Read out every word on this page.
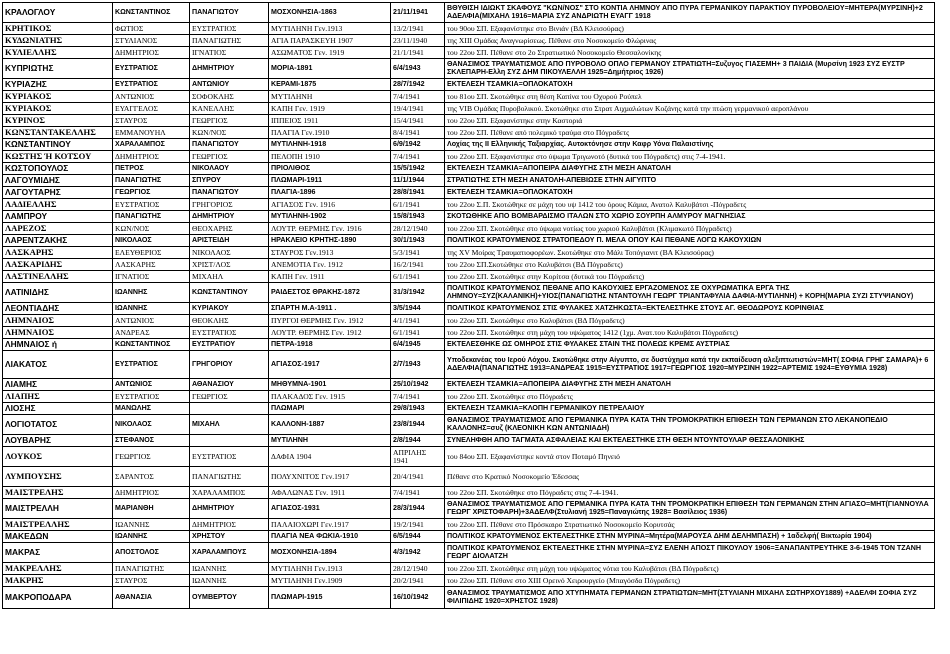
ΚΡΑΛΟΓΛΟΥ	ΚΩΝΣΤΑΝΤΙΝΟΣ	ΠΑΝΑΓΙΩΤΟΥ	ΜΟΣΧΟΝΗΣΙΑ-1863	21/11/1941	ΒΘΥΘΙΣΗ ΙΔΙΩΚΤ ΣΚΑΦΟΥΣ "ΚΩΝ/ΝΟΣ" ΣΤΟ ΚΟΝΤΙΑ ΛΗΜΝΟΥ ΑΠΟ ΠΥΡΑ ΓΕΡΜΑΝΙΚΟΥ ΠΑΡΑΚΤΙΟΥ ΠΥΡΟΒΟΛΕΙΟΥ=ΜΗΤΕΡΑ(ΜΥΡΣΙΝΗ)+2 ΑΔΕΛΦΙΑ(ΜΙΧΑΗΛ 1916=ΜΑΡΙΑ ΣΥΖ ΑΝΔΡΙΩΤΗ ΕΥΑΓΓ 1918
ΚΡΗΤΙΚΟΣ	ΦΩΤΙΟΣ	ΕΥΣΤΡΑΤΙΟΣ	ΜΥΤΙΛΗΝΗ Γεν.1913	13/2/1941	του 90ου ΣΠ. Εξαφανίστηκε στο Βινιάν (ΒΔ Κλεισούρας)
ΚΥΔΩΝΙΑΤΗΣ	ΣΤΥΛΙΑΝΟΣ	ΠΑΝΑΓΙΩΤΗΣ	ΑΓΙΑ ΠΑΡΑΣΚΕΥΗ 1907	23/11/1940	της ΧΙΙΙ Ομάδας Αναγνωρίσεως. Πέθανε στο Νοσοκομείο Φλώρινας
ΚΥΛΙΕΛΛΗΣ	ΔΗΜΗΤΡΙΟΣ	ΙΓΝΑΤΙΟΣ	ΑΣΩΜΑΤΟΣ Γεν. 1919	21/1/1941	του 22ου ΣΠ. Πέθανε στο 2ο Στρατιωτικό Νοσοκομείο Θεσσαλονίκης
ΚΥΠΡΙΩΤΗΣ	ΕΥΣΤΡΑΤΙΟΣ	ΔΗΜΗΤΡΙΟΥ	ΜΟΡΙΑ-1891	6/4/1943	ΘΑΝΑΣΙΜΟΣ ΤΡΑΥΜΑΤΙΣΜΟΣ ΑΠΟ ΠΥΡΟΒΟΛΟ ΟΠΛΟ ΓΕΡΜΑΝΟΥ ΣΤΡΑΤΙΩΤΗ=Συζυγος ΓΙΑΣΕΜΗ+ 3 ΠΑΙΔΙΑ (Μυρσίνη 1923 ΣΥΖ ΕΥΣΤΡ ΣΚΛΕΠΑΡΗ-Ελλη ΣΥΖ ΔΗΜ ΠΙΚΟΥΛΕΛΛΗ 1925=Δημήτριος 1926)
ΚΥΡΙΑΖΗΣ	ΕΥΣΤΡΑΤΙΟΣ	ΑΝΤΩΝΙΟΥ	ΚΕΡΑΜΙ-1875	28/7/1942	ΕΚΤΕΛΕΣΗ ΤΣΑΜΚΙΑ=ΟΠΛΟΚΑΤΟΧΗ
ΚΥΡΙΑΚΟΣ	ΑΝΤΩΝΙΟΣ	ΣΟΦΟΚΛΗΣ	ΜΥΤΙΛΗΝΗ	7/4/1941	του 81ου ΣΠ. Σκοτώθηκε στη θέση Καπίνα του Οχυρού Ρούπελ
ΚΥΡΙΑΚΟΣ	ΕΥΑΓΓΕΛΟΣ	ΚΑΝΕΛΛΗΣ	ΚΑΠΗ Γεν. 1919	19/4/1941	της VΙΒ Ομάδας Πυροβολικού. Σκοτώθηκε στο Στρατ Αιχμαλώτων Κοζάνης κατά την πτώση γερμανικού αεροπλάνου
ΚΥΡΙΝΟΣ	ΣΤΑΥΡΟΣ	ΓΕΩΡΓΙΟΣ	ΙΠΠΕΙΟΣ 1911	15/4/1941	του 22ου ΣΠ. Εξαφανίστηκε στην Καστοριά
ΚΩΝΣΤΑΝΤΑΚΕΛΛΗΣ	ΕΜΜΑΝΟΥΗΛ	ΚΩΝ/ΝΟΣ	ΠΛΑΓΙΑ Γεν.1910	8/4/1941	του 22ου ΣΠ. Πέθανε από πολεμικό τραύμα στο Πόγραδετς
ΚΩΝΣΤΑΝΤΙΝΟΥ	ΧΑΡΑΛΑΜΠΟΣ	ΠΑΝΑΓΙΩΤΟΥ	ΜΥΤΙΛΗΝΗ-1918	6/9/1942	Λοχίας της ΙΙ Ελληνικής Ταξιαρχίας. Αυτοκτόνησε στην Καφρ Υόνα Παλαιστίνης
ΚΩΣΤΗΣ Ή ΚΟΤΣΟΥ	ΔΗΜΗΤΡΙΟΣ	ΓΕΩΡΓΙΟΣ	ΠΕΛΟΠΗ 1910	7/4/1941	του 22ου ΣΠ. Εξαφανίστηκε στο ύψωμα Τριγωνοτό (δυτικά του Πόγραδετς) στις 7-4-1941.
ΚΩΣΤΟΠΟΥΛΟΣ	ΠΕΤΡΟΣ	ΝΙΚΟΛΑΟΥ	ΠΡΙΟΛΙΘΟΣ	15/5/1942	ΕΚΤΕΛΕΣΗ ΤΣΑΜΚΙΑ=ΑΠΟΠΕΙΡΑ ΔΙΑΦΥΓΗΣ ΣΤΗ ΜΕΣΗ ΑΝΑΤΟΛΗ
ΛΑΓΟΥΜΙΔΗΣ	ΠΑΝΑΓΙΩΤΗΣ	ΣΠΥΡΟΥ	ΠΛΩΜΑΡΙ-1911	11/1/1944	ΣΤΡΑΤΙΩΤΗΣ ΣΤΗ ΜΕΣΗ ΑΝΑΤΟΛΗ-ΑΠΕΒΙΩΣΕ ΣΤΗΝ ΑΙΓΥΠΤΟ
ΛΑΓΟΥΤΑΡΗΣ	ΓΕΩΡΓΙΟΣ	ΠΑΝΑΓΙΩΤΟΥ	ΠΛΑΓΙΑ-1896	28/8/1941	ΕΚΤΕΛΕΣΗ ΤΣΑΜΚΙΑ=ΟΠΛΟΚΑΤΟΧΗ
ΛΑΔΙΕΛΛΗΣ	ΕΥΣΤΡΑΤΙΟΣ	ΓΡΗΓΟΡΙΟΣ	ΑΓΙΑΣΟΣ Γεν. 1916	6/1/1941	του 22ου Σ.Π. Σκοτώθηκε σε μάχη του υψ 1412 του όρους Κάμια, Ανατολ Καλυβάτσι -Πόγραδετς
ΛΑΜΠΡΟΥ	ΠΑΝΑΓΙΩΤΗΣ	ΔΗΜΗΤΡΙΟΥ	ΜΥΤΙΛΗΝΗ-1902	15/8/1943	ΣΚΟΤΩΘΗΚΕ ΑΠΟ ΒΟΜΒΑΡΔΙΣΜΟ ΙΤΑΛΩΝ ΣΤΟ ΧΩΡΙΟ ΣΟΥΡΠΗ ΑΛΜΥΡΟΥ ΜΑΓΝΗΣΙΑΣ
ΛΑΡΕΖΟΣ	ΚΩΝ/ΝΟΣ	ΘΕΟΧΑΡΗΣ	ΛΟΥΤΡ. ΘΕΡΜΗΣ Γεν. 1916	28/12/1940	του 22ου ΣΠ. Σκοτώθηκε στο ύψωμα νοτίως του χωριού Καλυβάτσι (Κλιμακωτό Πόγραδετς)
ΛΑΡΕΝΤΖΑΚΗΣ	ΝΙΚΟΛΑΟΣ	ΑΡΙΣΤΕΙΔΗ	ΗΡΑΚΛΕΙΟ ΚΡΗΤΗΣ-1890	30/1/1943	ΠΟΛΙΤΙΚΟΣ ΚΡΑΤΟΥΜΕΝΟΣ ΣΤΡΑΤΟΠΕΔΟΥ Π. ΜΕΛΑ ΟΠΟΥ ΚΑΙ ΠΕΘΑΝΕ ΛΟΓΩ ΚΑΚΟΥΧΙΩΝ
ΛΑΣΚΑΡΗΣ	ΕΛΕΥΘΕΡΙΟΣ	ΝΙΚΟΛΑΟΣ	ΣΤΑΥΡΟΣ Γεν.1913	5/3/1941	της XV Μοίρας Τραυματιοφορέων. Σκοτώθηκε στο Μάλι Τοπόγιανιτ (ΒΑ Κλεισούρας)
ΛΑΣΚΑΡΙΔΗΣ	ΛΑΣΚΑΡΗΣ	ΧΡΙΣΤ/ΛΟΣ	ΑΝΕΜΟΤΙΑ Γεν. 1912	16/2/1941	του 22ου ΣΠ.Σκοτώθηκε στο Καλυβάτσι (ΒΔ Πόγραδετς)
ΛΑΣΤΙΝΕΛΛΗΣ	ΙΓΝΑΤΙΟΣ	ΜΙΧΑΗΛ	ΚΑΠΗ Γεν. 1911	6/1/1941	του 22ου ΣΠ. Σκοτώθηκε στην Κορίτσα (δυτικά του Πόγραδετς)
ΛΑΤΙΝΙΔΗΣ	ΙΩΑΝΝΗΣ	ΚΩΝΣΤΑΝΤΙΝΟΥ	ΡΑΙΔΕΣΤΟΣ ΘΡΑΚΗΣ-1872	31/3/1942	ΠΟΛΙΤΙΚΟΣ ΚΡΑΤΟΥΜΕΝΟΣ ΠΕΘΑΝΕ ΑΠΟ ΚΑΚΟΥΧΙΕΣ ΕΡΓΑΖΟΜΕΝΟΣ ΣΕ ΟΧΥΡΩΜΑΤΙΚΑ ΕΡΓΑ ΤΗΣ ΛΗΜΝΟΥ=ΣΥΖ(ΚΑΛΑΝΙΚΗ)+ΥΙΟΣ(ΠΑΝΑΓΙΩΤΗΣ ΝΤΑΝΤΟΥΛΗ ΓΕΩΡΓ ΤΡΙΑΝΤΑΦΥΛΙΑ ΔΑΦΙΑ-ΜΥΤΙΛΗΝΗ) + ΚΟΡΗ(ΜΑΡΙΑ ΣΥΖΙ ΣΤΥΨΙΑΝΟΥ)
ΛΕΟΝΤΙΑΔΗΣ	ΙΩΑΝΝΗΣ	ΚΥΡΙΑΚΟΥ	ΣΠΑΡΤΗ Μ.Α-1911 .	3/5/1944	ΠΟΛΙΤΙΚΟΣ ΚΡΑΤΟΥΜΕΝΟΣ ΣΤΙΣ ΦΥΛΑΚΕΣ ΧΑΤΖΗΚΩΣΤΑ=ΕΚΤΕΛΕΣΤΗΚΕ ΣΤΟΥΣ ΑΓ. ΘΕΟΔΩΡΟΥΣ ΚΟΡΙΝΘΙΑΣ
ΛΗΜΝΑΙΟΣ	ΑΝΤΩΝΙΟΣ	ΘΕΟΚΛΗΣ	ΠΥΡΓΟΙ ΘΕΡΜΗΣ Γεν. 1912	4/1/1941	του 22ου ΣΠ. Σκοτώθηκε στο Καλυβάτσι (ΒΔ Πόγραδετς)
ΛΗΜΝΑΙΟΣ	ΑΝΔΡΕΑΣ	ΕΥΣΤΡΑΤΙΟΣ	ΛΟΥΤΡ. ΘΕΡΜΗΣ Γεν. 1912	6/1/1941	του 22ου ΣΠ. Σκοτώθηκε στη μάχη του υψώματος 1412 (1χμ. Ανατ.του Καλυβάτσι Πόγραδετς)
ΛΗΜΝΑΙΟΣ ή	ΚΩΝΣΤΑΝΤΙΝΟΣ	ΕΥΣΤΡΑΤΙΟΥ	ΠΕΤΡΑ-1918	6/4/1945	ΕΚΤΕΛΕΣΘΗΚΕ ΩΣ ΟΜΗΡΟΣ ΣΤΙΣ ΦΥΛΑΚΕΣ ΣΤΑΙΝ ΤΗΣ ΠΟΛΕΩΣ ΚΡΕΜΣ ΑΥΣΤΡΙΑΣ
ΛΙΑΚΑΤΟΣ	ΕΥΣΤΡΑΤΙΟΣ	ΓΡΗΓΟΡΙΟΥ	ΑΓΙΑΣΟΣ-1917	2/7/1943	Υποδεκανέας του Ιερού Λόχου. Σκοτώθηκε στην Αίγυπτο, σε δυστύχημα κατά την εκπαίδευση αλεξιπτωτιστών=ΜΗΤ( ΣΟΦΙΑ ΓΡΗΓ ΣΑΜΑΡΑ)+ 6 ΑΔΕΛΦΙΑ(ΠΑΝΑΓΙΩΤΗΣ 1913=ΑΝΔΡΕΑΣ 1915=ΕΥΣΤΡΑΤΙΟΣ 1917=ΓΕΩΡΓΙΟΣ 1920=ΜΥΡΣΙΝΗ 1922=ΑΡΤΕΜΙΣ 1924=ΕΥΘΥΜΙΑ 1928)
ΛΙΑΜΗΣ	ΑΝΤΩΝΙΟΣ	ΑΘΑΝΑΣΙΟΥ	ΜΗΘΥΜΝΑ-1901	25/10/1942	ΕΚΤΕΛΕΣΗ ΤΣΑΜΚΙΑ=ΑΠΟΠΕΙΡΑ ΔΙΑΦΥΓΗΣ ΣΤΗ ΜΕΣΗ ΑΝΑΤΟΛΗ
ΛΙΑΠΗΣ	ΕΥΣΤΡΑΤΙΟΣ	ΓΕΩΡΓΙΟΣ	ΠΛΑΚΑΔΟΣ Γεν. 1915	7/4/1941	του 22ου ΣΠ. Σκοτώθηκε στο Πόγραδετς
ΛΙΟΣΗΣ	ΜΑΝΩΛΗΣ		ΠΛΩΜΑΡΙ	29/8/1943	ΕΚΤΕΛΕΣΗ ΤΣΑΜΚΙΑ=ΚΛΟΠΗ ΓΕΡΜΑΝΙΚΟΥ ΠΕΤΡΕΛΑΙΟΥ
ΛΟΓΙΟΤΑΤΟΣ	ΝΙΚΟΛΑΟΣ	ΜΙΧΑΗΛ	ΚΑΛΛΟΝΗ-1887	23/8/1944	ΘΑΝΑΣΙΜΟΣ ΤΡΑΥΜΑΤΙΣΜΟΣ ΑΠΟ ΓΕΡΜΑΝΙΚΑ ΠΥΡΑ ΚΑΤΑ ΤΗΝ ΤΡΟΜΟΚΡΑΤΙΚΗ ΕΠΙΘΕΣΗ ΤΩΝ ΓΕΡΜΑΝΩΝ ΣΤΟ ΛΕΚΑΝΟΠΕΔΙΟ ΚΑΛΛΟΝΗΣ=συζ (ΚΛΕΟΝΙΚΗ ΚΩΝ ΑΝΤΩΝΙΑΔΗ)
ΛΟΥΒΑΡΗΣ	ΣΤΕΦΑΝΟΣ		ΜΥΤΙΛΗΝΗ	2/8/1944	ΣΥΝΕΛΗΦΘΗ ΑΠΟ ΤΑΓΜΑΤΑ ΑΣΦΑΛΕΙΑΣ ΚΑΙ ΕΚΤΕΛΕΣΤΗΚΕ ΣΤΗ ΘΕΣΗ ΝΤΟΥΝΤΟΥΛΑΡ ΘΕΣΣΑΛΟΝΙΚΗΣ
ΛΟΥΚΟΣ	ΓΕΩΡΓΙΟΣ	ΕΥΣΤΡΑΤΙΟΣ	ΔΑΦΙΑ 1904	ΑΠΡΙΛΗΣ 1941	του 84ου ΣΠ. Εξαφανίστηκε κοντά στον Ποταμό Πηνειό
ΛΥΜΠΟΥΣΗΣ	ΣΑΡΑΝΤΟΣ	ΠΑΝΑΓΙΩΤΗΣ	ΠΟΛΥΧΝΙΤΟΣ Γεν.1917	20/4/1941	Πέθανε στο Κρατικό Νοσοκομείο Έδεσσας
ΜΑΙΣΤΡΕΛΗΣ	ΔΗΜΗΤΡΙΟΣ	ΧΑΡΑΛΑΜΠΟΣ	ΑΦΑΛΩΝΑΣ Γεν. 1911	7/4/1941	του 22ου ΣΠ. Σκοτώθηκε στο Πόγραδετς στις 7-4-1941.
ΜΑΙΣΤΡΕΛΛΗ	ΜΑΡΙΑΝΘΗ	ΔΗΜΗΤΡΙΟΥ	ΑΓΙΑΣΟΣ-1931	28/3/1944	ΘΑΝΑΣΙΜΟΣ ΤΡΑΥΜΑΤΙΣΜΟΣ ΑΠΟ ΓΕΡΜΑΝΙΚΑ ΠΥΡΑ ΚΑΤΑ ΤΗΝ ΤΡΟΜΟΚΡΑΤΙΚΗ ΕΠΙΘΕΣΗ ΤΩΝ ΓΕΡΜΑΝΩΝ ΣΤΗΝ ΑΓΙΑΣΟ=ΜΗΤ(ΓΙΑΝΝΟΥΛΑ ΓΕΩΡΓ ΧΡΙΣΤΟΦΑΡΗ)+3ΑΔΕΛΦ(Στυλιανή 1925=Παναγιώτης 1928= Βασίλειος 1936)
ΜΑΙΣΤΡΕΛΛΗΣ	ΙΩΑΝΝΗΣ	ΔΗΜΗΤΡΙΟΣ	ΠΑΛΑΙΟΧΩΡΙ Γεν.1917	19/2/1941	του 22ου ΣΠ. Πέθανε στο Πρόσκαιρο Στρατιωτικό Νοσοκομείο Κορυτσάς
ΜΑΚΕΔΩΝ	ΙΩΑΝΝΗΣ	ΧΡΗΣΤΟΥ	ΠΛΑΓΙΑ ΝΕΑ ΦΩΚΙΑ-1910	6/5/1944	ΠΟΛΙΤΙΚΟΣ ΚΡΑΤΟΥΜΕΝΟΣ ΕΚΤΕΛΕΣΤΗΚΕ ΣΤΗΝ ΜΥΡΙΝΑ=Μητέρα(ΜΑΡΟΥΣΑ ΔΗΜ ΔΕΛΗΜΠΑΣΗ) + 1αδελφή( Βικτωρία 1904)
ΜΑΚΡΑΣ	ΑΠΟΣΤΟΛΟΣ	ΧΑΡΑΛΑΜΠΟΥΣ	ΜΟΣΧΟΝΗΣΙΑ-1894	4/3/1942	ΠΟΛΙΤΙΚΟΣ ΚΡΑΤΟΥΜΕΝΟΣ ΕΚΤΕΛΕΣΤΗΚΕ ΣΤΗΝ ΜΥΡΙΝΑ=ΣΥΖ ΕΛΕΝΗ ΑΠΟΣΤ ΠΙΚΟΥΛΟΥ 1906=ΞΑΝΑΠΑΝΤΡΕΥΤΗΚΕ 3-6-1945 ΤΟΝ ΤΖΑΝΗ ΓΕΩΡΓ ΔΙΟΛΑΤΖΗ
ΜΑΚΡΕΛΛΗΣ	ΠΑΝΑΓΙΩΤΗΣ	ΙΩΑΝΝΗΣ	ΜΥΤΙΛΗΝΗ Γεν.1913	28/12/1940	του 22ου ΣΠ. Σκοτώθηκε στη μάχη του υψώματος νότια του Καλυβάτσι (ΒΔ Πόγραδετς)
ΜΑΚΡΗΣ	ΣΤΑΥΡΟΣ	ΙΩΑΝΝΗΣ	ΜΥΤΙΛΗΝΗ Γεν.1909	20/2/1941	του 22ου ΣΠ. Πέθανε στο ΧΙΙΙ Ορεινό Χειρουργείο (Μπαγόσδα Πόγραδετς)
ΜΑΚΡΟΠΟΔΑΡΑ	ΑΘΑΝΑΣΙΑ	ΟΥΜΒΕΡΤΟΥ	ΠΛΩΜΑΡΙ-1915	16/10/1942	ΘΑΝΑΣΙΜΟΣ ΤΡΑΥΜΑΤΙΣΜΟΣ ΑΠΟ ΧΤΥΠΗΜΑΤΑ ΓΕΡΜΑΝΩΝ ΣΤΡΑΤΙΩΤΩΝ=ΜΗΤ(ΣΤΥΛΙΑΝΗ ΜΙΧΑΗΛ ΣΩΤΗΡΧΟΥ1889) +ΑΔΕΛΦΙ ΣΟΦΙΑ ΣΥΖ ΦΙΛΙΠΙΔΗΣ 1920=ΧΡΗΣΤΟΣ 1928)
